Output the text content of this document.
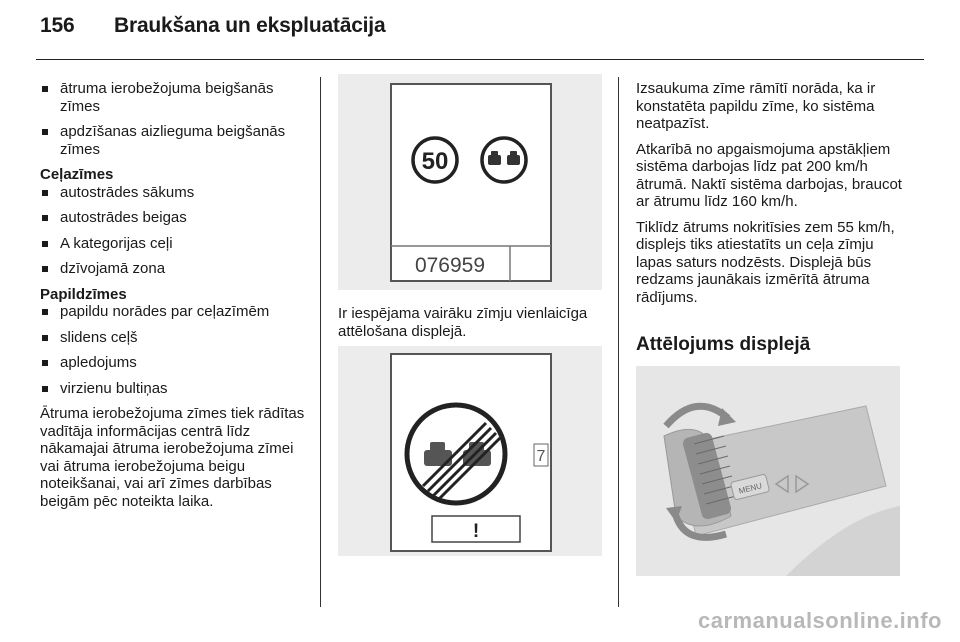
156 Braukšana un ekspluatācija
ātruma ierobežojuma beigšanās zīmes
apdzīšanas aizlieguma beigšanās zīmes
Ceļazīmes
autostrādes sākums
autostrādes beigas
A kategorijas ceļi
dzīvojamā zona
Papildzīmes
papildu norādes par ceļazīmēm
slidens ceļš
apledojums
virzienu bultiņas

Ātruma ierobežojuma zīmes tiek rādītas vadītāja informācijas centrā līdz nākamajai ātruma ierobežojuma zīmei vai ātruma ierobežojuma beigu noteikšanai, vai arī zīmes darbības beigām pēc noteikta laika.

50
076959

Ir iespējama vairāku zīmju vienlaicīga attēlošana displejā.

7
!

Izsaukuma zīme rāmītī norāda, ka ir konstatēta papildu zīme, ko sistēma neatpazīst.

Atkarībā no apgaismojuma apstākļiem sistēma darbojas līdz pat 200 km/h ātrumā. Naktī sistēma darbojas, braucot ar ātrumu līdz 160 km/h.

Tiklīdz ātrums nokritīsies zem 55 km/h, displejs tiks atiestatīts un ceļa zīmju lapas saturs nodzēsts. Displejā būs redzams jaunākais izmērītā ātruma rādījums.

Attēlojums displejā
MENU
carmanualsonline.info
